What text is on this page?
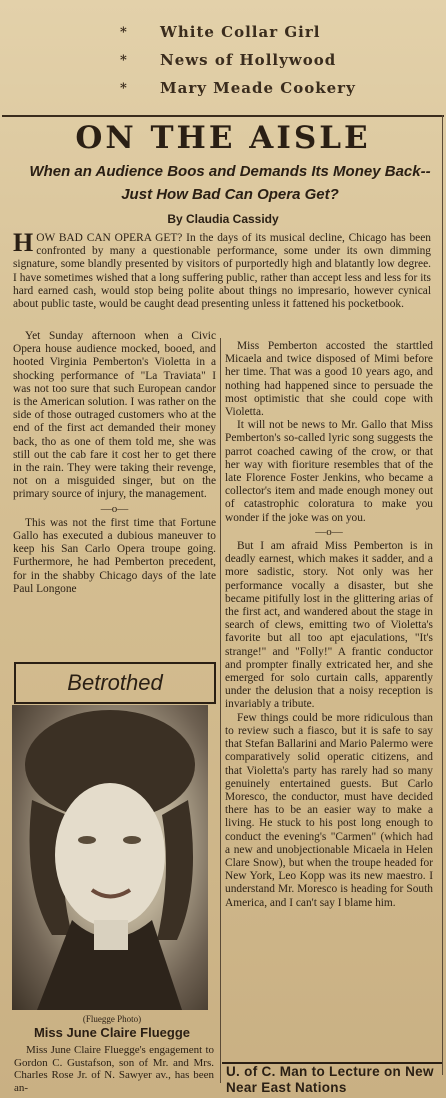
*	White Collar Girl
*	News of Hollywood
*	Mary Meade Cookery
ON THE AISLE
When an Audience Boos and Demands Its Money Back--Just How Bad Can Opera Get?
By Claudia Cassidy
HOW BAD CAN OPERA GET? In the days of its musical decline, Chicago has been confronted by many a questionable performance, some under its own dimming signature, some blandly presented by visitors of purportedly high and blatantly low degree. I have sometimes wished that a long suffering public, rather than accept less and less for its hard earned cash, would stop being polite about things no impresario, however cynical about public taste, would be caught dead presenting unless it fattened his pocketbook.

Yet Sunday afternoon when a Civic Opera house audience mocked, booed, and hooted Virginia Pemberton's Violetta in a shocking performance of "La Traviata" I was not too sure that such European candor is the American solution. I was rather on the side of those outraged customers who at the end of the first act demanded their money back, tho as one of them told me, she was still out the cab fare it cost her to get there in the rain. They were taking their revenge, not on a misguided singer, but on the primary source of injury, the management.

—o—

This was not the first time that Fortune Gallo has executed a dubious maneuver to keep his San Carlo Opera troupe going. Furthermore, he had Pemberton precedent, for in the shabby Chicago days of the late Paul Longone

Miss Pemberton accosted the starttled Micaela and twice disposed of Mimi before her time. That was a good 10 years ago, and nothing had happened since to persuade the most optimistic that she could cope with Violetta.

It will not be news to Mr. Gallo that Miss Pemberton's so-called lyric song suggests the parrot coached cawing of the crow, or that her way with fioriture resembles that of the late Florence Foster Jenkins, who became a collector's item and made enough money out of catastrophic coloratura to make you wonder if the joke was on you.

—o—

But I am afraid Miss Pemberton is in deadly earnest, which makes it sadder, and a more sadistic, story. Not only was her performance vocally a disaster, but she became pitifully lost in the glittering arias of the first act, and wandered about the stage in search of clews, emitting two of Violetta's favorite but all too apt ejaculations, "It's strange!" and "Folly!" A frantic conductor and prompter finally extricated her, and she emerged for solo curtain calls, apparently under the delusion that a noisy reception is invariably a tribute.

Few things could be more ridiculous than to review such a fiasco, but it is safe to say that Stefan Ballarini and Mario Palermo were comparatively solid operatic citizens, and that Violetta's party has rarely had so many genuinely entertained guests. But Carlo Moresco, the conductor, must have decided there has to be an easier way to make a living. He stuck to his post long enough to conduct the evening's "Carmen" (which had a new and unobjectionable Micaela in Helen Clare Snow), but when the troupe headed for New York, Leo Kopp was its new maestro. I understand Mr. Moresco is heading for South America, and I can't say I blame him.

Betrothed
(Fluegge Photo)
Miss June Claire Fluegge
Miss June Claire Fluegge's engagement to Gordon C. Gustafson, son of Mr. and Mrs. Charles Rose Jr. of N. Sawyer av., has been an-
U. of C. Man to Lecture on New Near East Nations
